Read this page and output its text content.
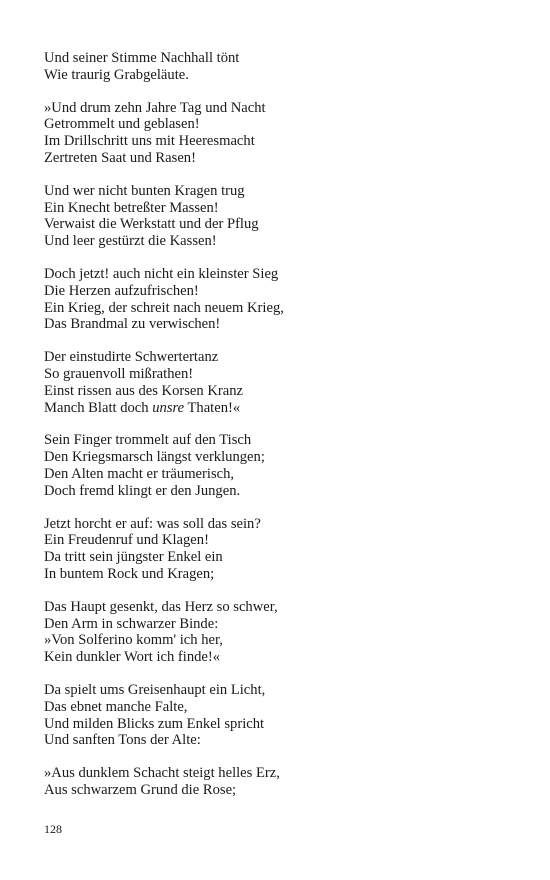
Und seiner Stimme Nachhall tönt
Wie traurig Grabgeläute.
»Und drum zehn Jahre Tag und Nacht
Getrommelt und geblasen!
Im Drillschritt uns mit Heeresmacht
Zertreten Saat und Rasen!
Und wer nicht bunten Kragen trug
Ein Knecht betreßter Massen!
Verwaist die Werkstatt und der Pflug
Und leer gestürzt die Kassen!
Doch jetzt! auch nicht ein kleinster Sieg
Die Herzen aufzufrischen!
Ein Krieg, der schreit nach neuem Krieg,
Das Brandmal zu verwischen!
Der einstudirte Schwertertanz
So grauenvoll mißrathen!
Einst rissen aus des Korsen Kranz
Manch Blatt doch unsre Thaten!«
Sein Finger trommelt auf den Tisch
Den Kriegsmarsch längst verklungen;
Den Alten macht er träumerisch,
Doch fremd klingt er den Jungen.
Jetzt horcht er auf: was soll das sein?
Ein Freudenruf und Klagen!
Da tritt sein jüngster Enkel ein
In buntem Rock und Kragen;
Das Haupt gesenkt, das Herz so schwer,
Den Arm in schwarzer Binde:
»Von Solferino komm' ich her,
Kein dunkler Wort ich finde!«
Da spielt ums Greisenhaupt ein Licht,
Das ebnet manche Falte,
Und milden Blicks zum Enkel spricht
Und sanften Tons der Alte:
»Aus dunklem Schacht steigt helles Erz,
Aus schwarzem Grund die Rose;
128
